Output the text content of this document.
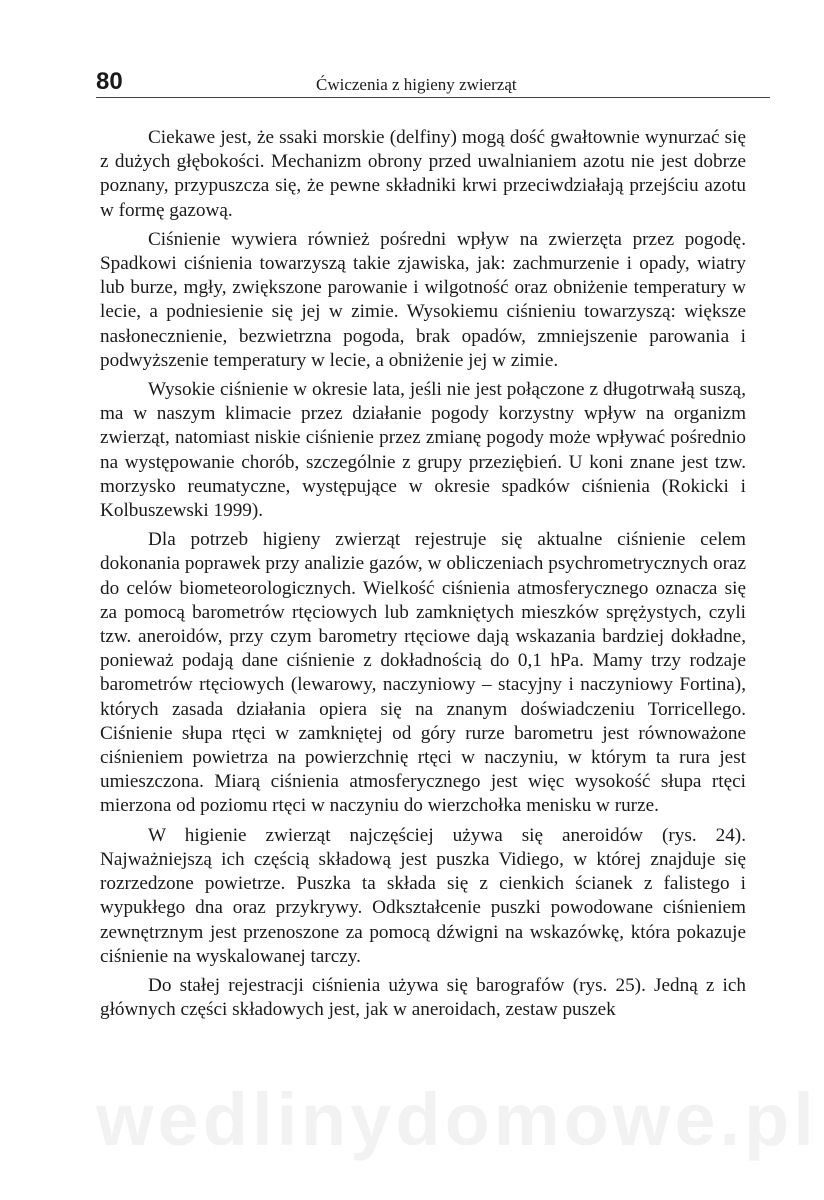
80	Ćwiczenia z higieny zwierząt

Ciekawe jest, że ssaki morskie (delfiny) mogą dość gwałtownie wynurzać się z dużych głębokości. Mechanizm obrony przed uwalnianiem azotu nie jest dobrze poznany, przypuszcza się, że pewne składniki krwi przeciwdziałają przejściu azotu w formę gazową.

Ciśnienie wywiera również pośredni wpływ na zwierzęta przez pogodę. Spadkowi ciśnienia towarzyszą takie zjawiska, jak: zachmurzenie i opady, wiatry lub burze, mgły, zwiększone parowanie i wilgotność oraz obniżenie temperatury w lecie, a podniesienie się jej w zimie. Wysokiemu ciśnieniu towarzyszą: większe nasłonecznienie, bezwietrzna pogoda, brak opadów, zmniejszenie parowania i podwyższenie temperatury w lecie, a obniżenie jej w zimie.

Wysokie ciśnienie w okresie lata, jeśli nie jest połączone z długotrwałą suszą, ma w naszym klimacie przez działanie pogody korzystny wpływ na organizm zwierząt, natomiast niskie ciśnienie przez zmianę pogody może wpływać pośrednio na występowanie chorób, szczególnie z grupy przeziębień. U koni znane jest tzw. morzysko reumatyczne, występujące w okresie spadków ciśnienia (Rokicki i Kolbuszewski 1999).

Dla potrzeb higieny zwierząt rejestruje się aktualne ciśnienie celem dokonania poprawek przy analizie gazów, w obliczeniach psychrometrycznych oraz do celów biometeorologicznych. Wielkość ciśnienia atmosferycznego oznacza się za pomocą barometrów rtęciowych lub zamkniętych mieszków sprężystych, czyli tzw. aneroidów, przy czym barometry rtęciowe dają wskazania bardziej dokładne, ponieważ podają dane ciśnienie z dokładnością do 0,1 hPa. Mamy trzy rodzaje barometrów rtęciowych (lewarowy, naczyniowy – stacyjny i naczyniowy Fortina), których zasada działania opiera się na znanym doświadczeniu Torricellego. Ciśnienie słupa rtęci w zamkniętej od góry rurze barometru jest równoważone ciśnieniem powietrza na powierzchnię rtęci w naczyniu, w którym ta rura jest umieszczona. Miarą ciśnienia atmosferycznego jest więc wysokość słupa rtęci mierzona od poziomu rtęci w naczyniu do wierzchołka menisku w rurze.

W higienie zwierząt najczęściej używa się aneroidów (rys. 24). Najważniejszą ich częścią składową jest puszka Vidiego, w której znajduje się rozrzedzone powietrze. Puszka ta składa się z cienkich ścianek z falistego i wypukłego dna oraz przykrywy. Odkształcenie puszki powodowane ciśnieniem zewnętrznym jest przenoszone za pomocą dźwigni na wskazówkę, która pokazuje ciśnienie na wyskalowanej tarczy.

Do stałej rejestracji ciśnienia używa się barografów (rys. 25). Jedną z ich głównych części składowych jest, jak w aneroidach, zestaw puszek

wedlinydomowe.pl
